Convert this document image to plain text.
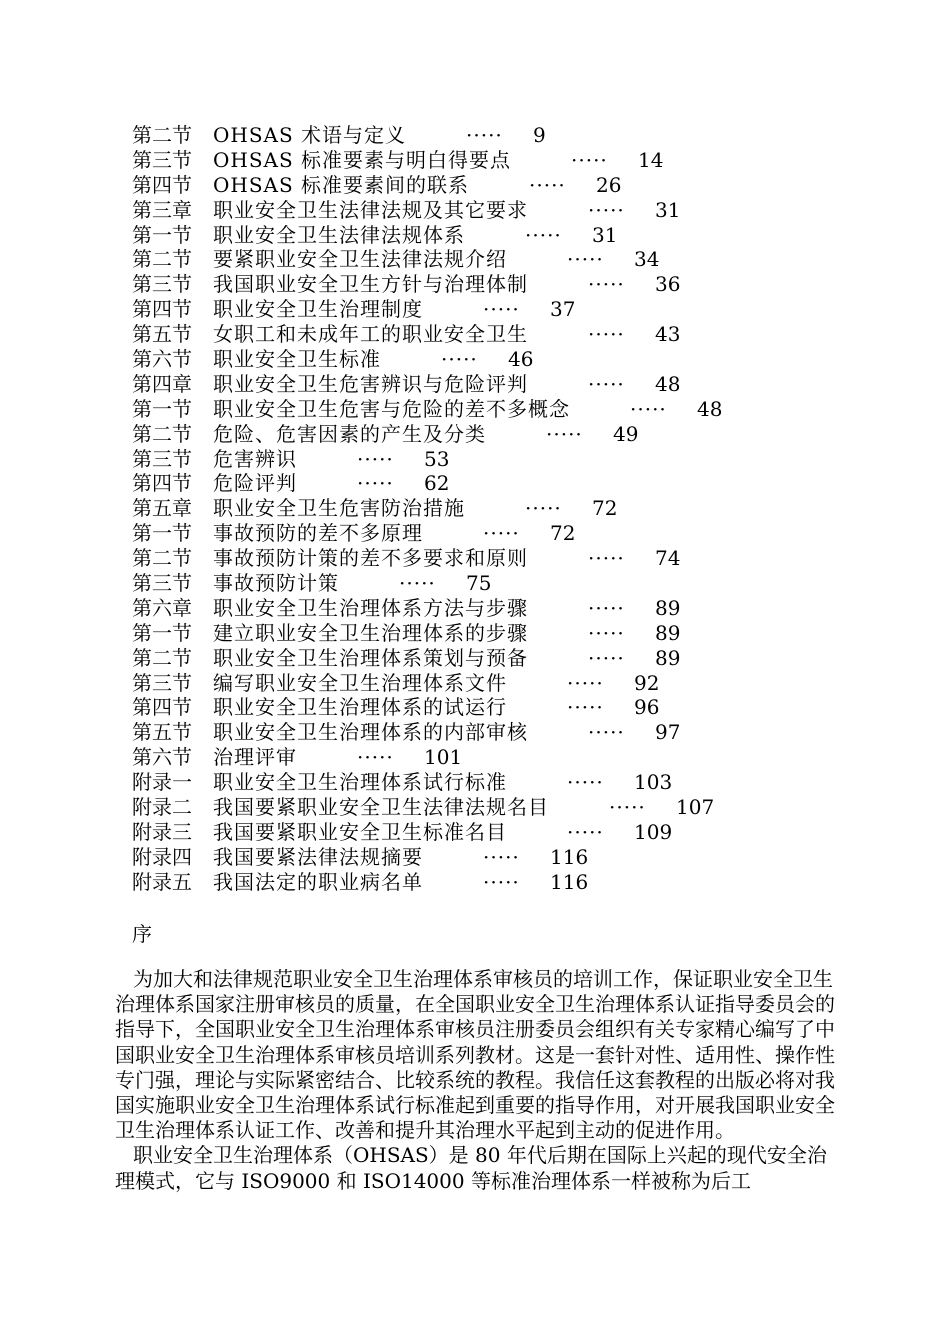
第二节 OHSAS 术语与定义	····· 9
第三节 OHSAS 标准要素与明白得要点	····· 14
第四节 OHSAS 标准要素间的联系	····· 26
第三章 职业安全卫生法律法规及其它要求	····· 31
第一节 职业安全卫生法律法规体系	····· 31
第二节 要紧职业安全卫生法律法规介绍	····· 34
第三节 我国职业安全卫生方针与治理体制	····· 36
第四节 职业安全卫生治理制度	····· 37
第五节 女职工和未成年工的职业安全卫生	····· 43
第六节 职业安全卫生标准	····· 46
第四章 职业安全卫生危害辨识与危险评判	····· 48
第一节 职业安全卫生危害与危险的差不多概念	····· 48
第二节 危险、危害因素的产生及分类	····· 49
第三节 危害辨识	····· 53
第四节 危险评判	····· 62
第五章 职业安全卫生危害防治措施	····· 72
第一节 事故预防的差不多原理	····· 72
第二节 事故预防计策的差不多要求和原则	····· 74
第三节 事故预防计策	····· 75
第六章 职业安全卫生治理体系方法与步骤	····· 89
第一节 建立职业安全卫生治理体系的步骤	····· 89
第二节 职业安全卫生治理体系策划与预备	····· 89
第三节 编写职业安全卫生治理体系文件	····· 92
第四节 职业安全卫生治理体系的试运行	····· 96
第五节 职业安全卫生治理体系的内部审核	····· 97
第六节 治理评审	····· 101
附录一 职业安全卫生治理体系试行标准	····· 103
附录二 我国要紧职业安全卫生法律法规名目	····· 107
附录三 我国要紧职业安全卫生标准名目	····· 109
附录四 我国要紧法律法规摘要	····· 116
附录五 我国法定的职业病名单	····· 116
序

为加大和法律规范职业安全卫生治理体系审核员的培训工作，保证职业安全卫生治理体系国家注册审核员的质量，在全国职业安全卫生治理体系认证指导委员会的指导下，全国职业安全卫生治理体系审核员注册委员会组织有关专家精心编写了中国职业安全卫生治理体系审核员培训系列教材。这是一套针对性、适用性、操作性专门强，理论与实际紧密结合、比较系统的教程。我信任这套教程的出版必将对我国实施职业安全卫生治理体系试行标准起到重要的指导作用，对开展我国职业安全卫生治理体系认证工作、改善和提升其治理水平起到主动的促进作用。

职业安全卫生治理体系（OHSAS）是 80 年代后期在国际上兴起的现代安全治理模式，它与 ISO9000 和 ISO14000 等标准治理体系一样被称为后工
